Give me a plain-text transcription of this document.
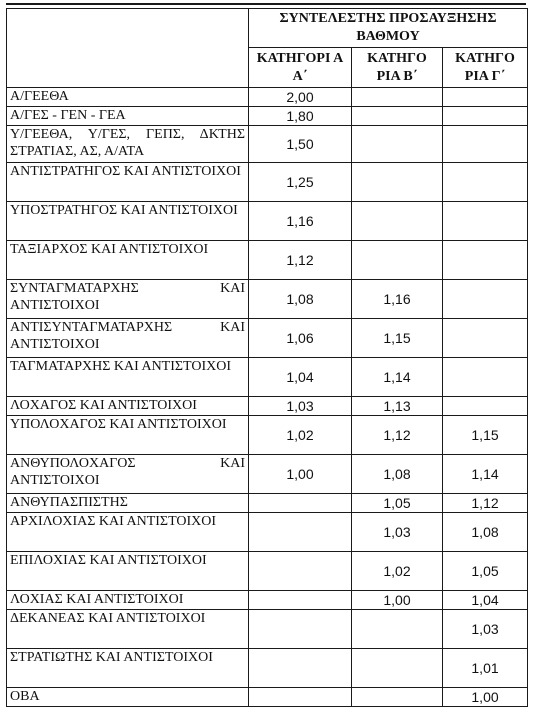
	ΣΥΝΤΕΛΕΣΤΗΣ ΠΡΟΣΑΥΞΗΣΗΣ ΒΑΘΜΟΥ		
	ΚΑΤΗΓΟΡΙ Α Α΄	ΚΑΤΗΓΟ ΡΙΑ Β΄	ΚΑΤΗΓΟ ΡΙΑ Γ΄
Α/ΓΕΕΘΑ	2,00		
Α/ΓΕΣ - ΓΕΝ - ΓΕΑ	1,80		
Υ/ΓΕΕΘΑ, Υ/ΓΕΣ, ΓΕΠΣ, ΔΚΤΗΣ ΣΤΡΑΤΙΑΣ, ΑΣ, Α/ΑΤΑ	1,50		
ΑΝΤΙΣΤΡΑΤΗΓΟΣ ΚΑΙ ΑΝΤΙΣΤΟΙΧΟΙ	1,25		
ΥΠΟΣΤΡΑΤΗΓΟΣ ΚΑΙ ΑΝΤΙΣΤΟΙΧΟΙ	1,16		
ΤΑΞΙΑΡΧΟΣ ΚΑΙ ΑΝΤΙΣΤΟΙΧΟΙ	1,12		
ΣΥΝΤΑΓΜΑΤΑΡΧΗΣ ΚΑΙ ΑΝΤΙΣΤΟΙΧΟΙ	1,08	1,16	
ΑΝΤΙΣΥΝΤΑΓΜΑΤΑΡΧΗΣ ΚΑΙ ΑΝΤΙΣΤΟΙΧΟΙ	1,06	1,15	
ΤΑΓΜΑΤΑΡΧΗΣ ΚΑΙ ΑΝΤΙΣΤΟΙΧΟΙ	1,04	1,14	
ΛΟΧΑΓΟΣ ΚΑΙ ΑΝΤΙΣΤΟΙΧΟΙ	1,03	1,13	
ΥΠΟΛΟΧΑΓΟΣ ΚΑΙ ΑΝΤΙΣΤΟΙΧΟΙ	1,02	1,12	1,15
ΑΝΘΥΠΟΛΟΧΑΓΟΣ ΚΑΙ ΑΝΤΙΣΤΟΙΧΟΙ	1,00	1,08	1,14
ΑΝΘΥΠΑΣΠΙΣΤΗΣ		1,05	1,12
ΑΡΧΙΛΟΧΙΑΣ ΚΑΙ ΑΝΤΙΣΤΟΙΧΟΙ		1,03	1,08
ΕΠΙΛΟΧΙΑΣ ΚΑΙ ΑΝΤΙΣΤΟΙΧΟΙ		1,02	1,05
ΛΟΧΙΑΣ ΚΑΙ ΑΝΤΙΣΤΟΙΧΟΙ		1,00	1,04
ΔΕΚΑΝΕΑΣ ΚΑΙ ΑΝΤΙΣΤΟΙΧΟΙ			1,03
ΣΤΡΑΤΙΩΤΗΣ ΚΑΙ ΑΝΤΙΣΤΟΙΧΟΙ			1,01
ΟΒΑ			1,00
